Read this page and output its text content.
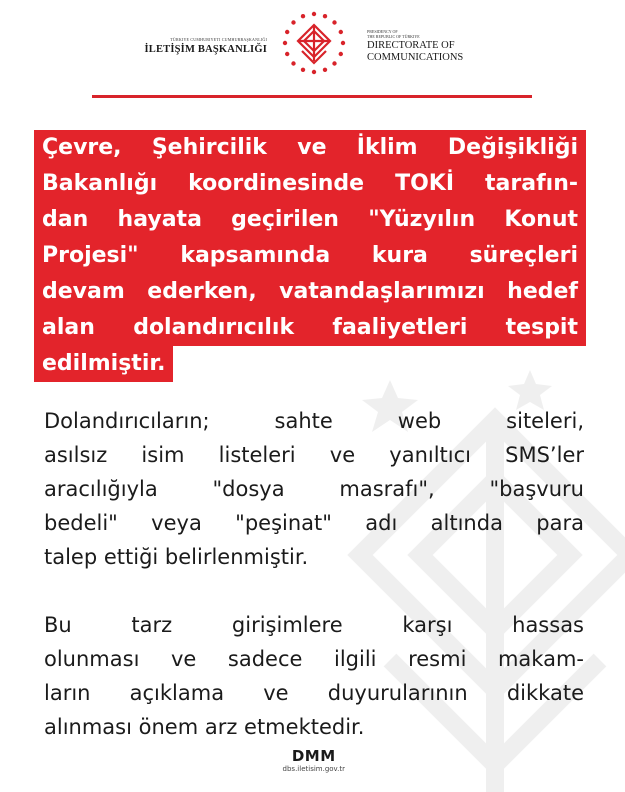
TÜRKIYE CUMHURIYETI CUMHURBAŞKANLIĞI
İLETİŞİM BAŞKANLIĞI
PRESIDENCY OF
THE REPUBLIC OF TÜRKIYE
DIRECTORATE OF
COMMUNICATIONS
Çevre, Şehircilik ve İklim Değişikliği
Bakanlığı koordinesinde TOKİ tarafın-
dan hayata geçirilen "Yüzyılın Konut
Projesi" kapsamında kura süreçleri
devam ederken, vatandaşlarımızı hedef
alan dolandırıcılık faaliyetleri tespit
edilmiştir.
Dolandırıcıların; sahte web siteleri,
asılsız isim listeleri ve yanıltıcı SMS’ler
aracılığıyla "dosya masrafı", "başvuru
bedeli" veya "peşinat" adı altında para
talep ettiği belirlenmiştir.
Bu tarz girişimlere karşı hassas
olunması ve sadece ilgili resmi makam-
ların açıklama ve duyurularının dikkate
alınması önem arz etmektedir.
DMM
dbs.iletisim.gov.tr
